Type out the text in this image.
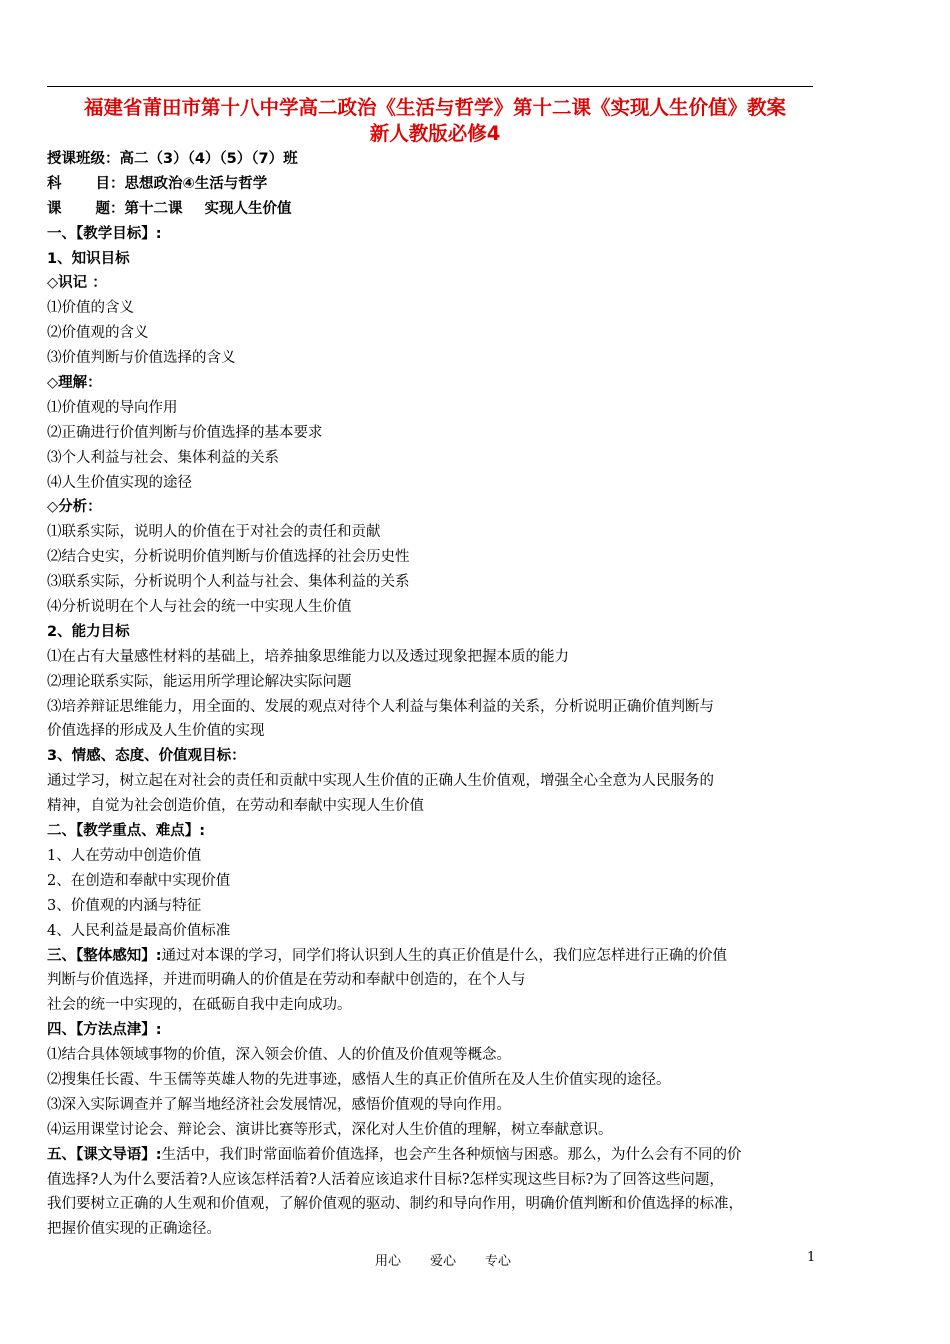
福建省莆田市第十八中学高二政治《生活与哲学》第十二课《实现人生价值》教案
新人教版必修4
授课班级：高二（3）（4）（5）（7）班
科 目：思想政治④生活与哲学
课 题：第十二课 实现人生价值
一、【教学目标】:
1、知识目标
◇识记 ：
⑴价值的含义
⑵价值观的含义
⑶价值判断与价值选择的含义
◇理解：
⑴价值观的导向作用
⑵正确进行价值判断与价值选择的基本要求
⑶个人利益与社会、集体利益的关系
⑷人生价值实现的途径
◇分析：
⑴联系实际，说明人的价值在于对社会的责任和贡献
⑵结合史实，分析说明价值判断与价值选择的社会历史性
⑶联系实际，分析说明个人利益与社会、集体利益的关系
⑷分析说明在个人与社会的统一中实现人生价值
2、能力目标
⑴在占有大量感性材料的基础上，培养抽象思维能力以及透过现象把握本质的能力
⑵理论联系实际，能运用所学理论解决实际问题
⑶培养辩证思维能力，用全面的、发展的观点对待个人利益与集体利益的关系，分析说明正确价值判断与
价值选择的形成及人生价值的实现
3、情感、态度、价值观目标：
通过学习，树立起在对社会的责任和贡献中实现人生价值的正确人生价值观，增强全心全意为人民服务的
精神，自觉为社会创造价值，在劳动和奉献中实现人生价值
二、【教学重点、难点】:
1、人在劳动中创造价值
2、在创造和奉献中实现价值
3、价值观的内涵与特征
4、人民利益是最高价值标准
三、【整体感知】:通过对本课的学习，同学们将认识到人生的真正价值是什么，我们应怎样进行正确的价值
判断与价值选择，并进而明确人的价值是在劳动和奉献中创造的，在个人与
社会的统一中实现的，在砥砺自我中走向成功。
四、【方法点津】:
⑴结合具体领域事物的价值，深入领会价值、人的价值及价值观等概念。
⑵搜集任长霞、牛玉儒等英雄人物的先进事迹，感悟人生的真正价值所在及人生价值实现的途径。
⑶深入实际调查并了解当地经济社会发展情况，感悟价值观的导向作用。
⑷运用课堂讨论会、辩论会、演讲比赛等形式，深化对人生价值的理解，树立奉献意识。
五、【课文导语】:生活中，我们时常面临着价值选择，也会产生各种烦恼与困惑。那么，为什么会有不同的价
值选择?人为什么要活着?人应该怎样活着?人活着应该追求什目标?怎样实现这些目标?为了回答这些问题，
我们要树立正确的人生观和价值观，了解价值观的驱动、制约和导向作用，明确价值判断和价值选择的标准，
把握价值实现的正确途径。
用心 爱心 专心	1
